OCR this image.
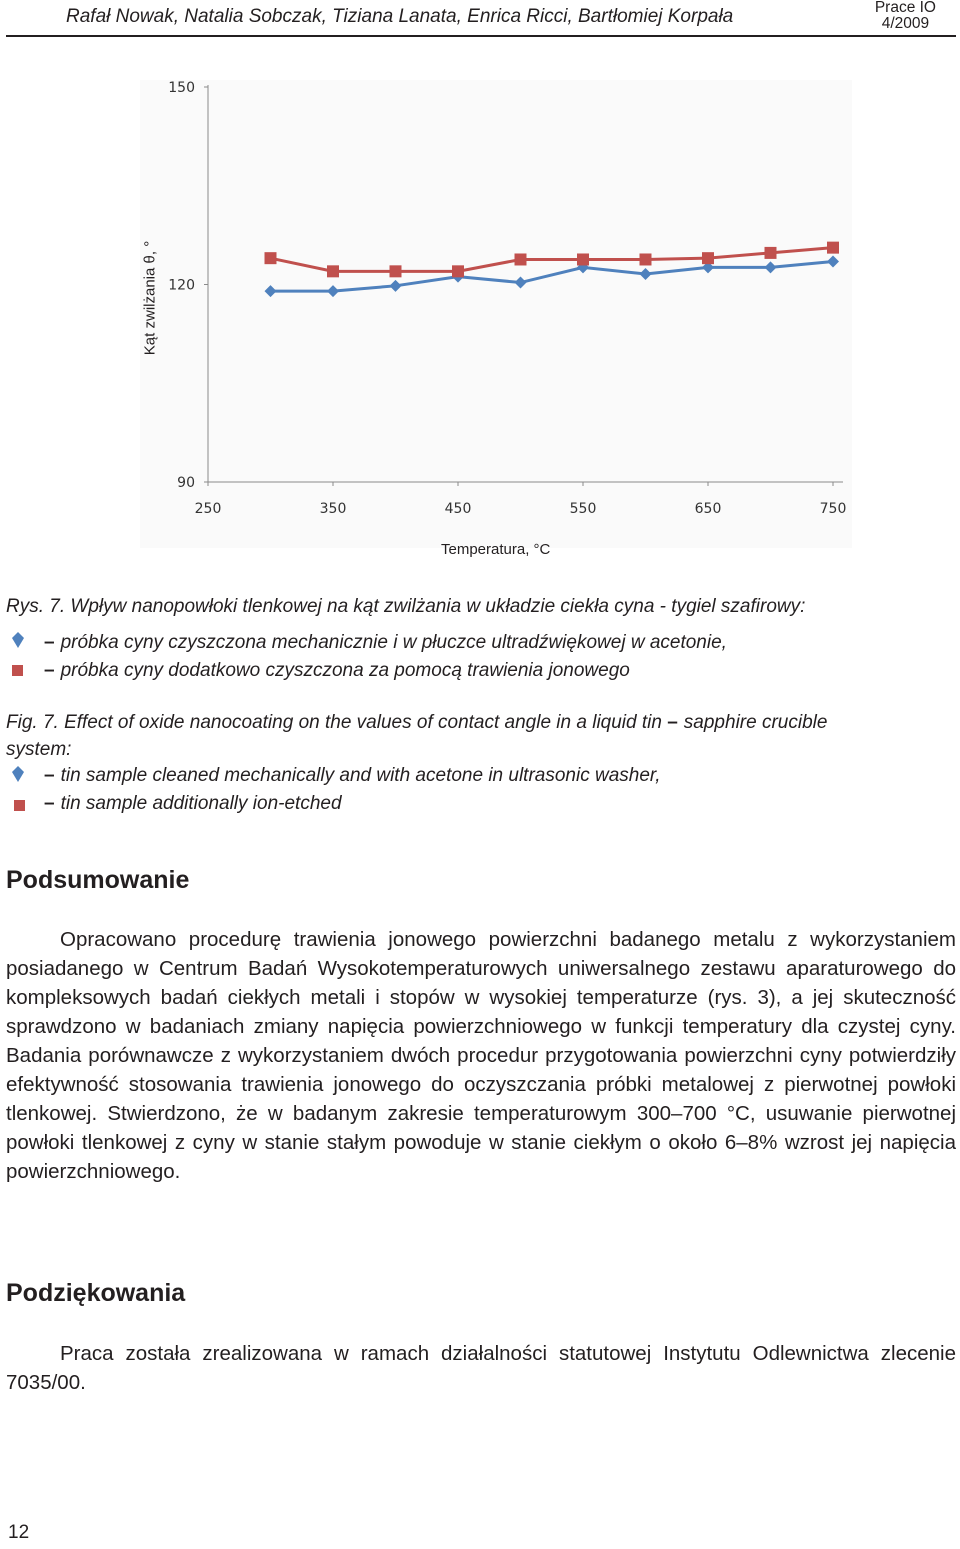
Rafał Nowak, Natalia Sobczak, Tiziana Lanata, Enrica Ricci, Bartłomiej Korpała	Prace IO
4/2009
150
120
90
250	350	450	550	650	750
Kąt zwilżania θ, °
Temperatura, °C
Rys. 7. Wpływ nanopowłoki tlenkowej na kąt zwilżania w układzie ciekła cyna - tygiel szafirowy:
– próbka cyny czyszczona mechanicznie i w płuczce ultradźwiękowej w acetonie,
– próbka cyny dodatkowo czyszczona za pomocą trawienia jonowego
Fig. 7. Effect of oxide nanocoating on the values of contact angle in a liquid tin – sapphire crucible
system:
– tin sample cleaned mechanically and with acetone in ultrasonic washer,
– tin sample additionally ion-etched
Podsumowanie
Opracowano procedurę trawienia jonowego powierzchni badanego metalu z wykorzystaniem posiadanego w Centrum Badań Wysokotemperaturowych uniwersalnego zestawu aparaturowego do kompleksowych badań ciekłych metali i stopów w wysokiej temperaturze (rys. 3), a jej skuteczność sprawdzono w badaniach zmiany napięcia powierzchniowego w funkcji temperatury dla czystej cyny. Badania porównawcze z wykorzystaniem dwóch procedur przygotowania powierzchni cyny potwierdziły efektywność stosowania trawienia jonowego do oczyszczania próbki metalowej z pierwotnej powłoki tlenkowej. Stwierdzono, że w badanym zakresie temperaturowym 300–700 °C, usuwanie pierwotnej powłoki tlenkowej z cyny w stanie stałym powoduje w stanie ciekłym o około 6–8% wzrost jej napięcia powierzchniowego.
Podziękowania
Praca została zrealizowana w ramach działalności statutowej Instytutu Odlewnictwa zlecenie 7035/00.
12
